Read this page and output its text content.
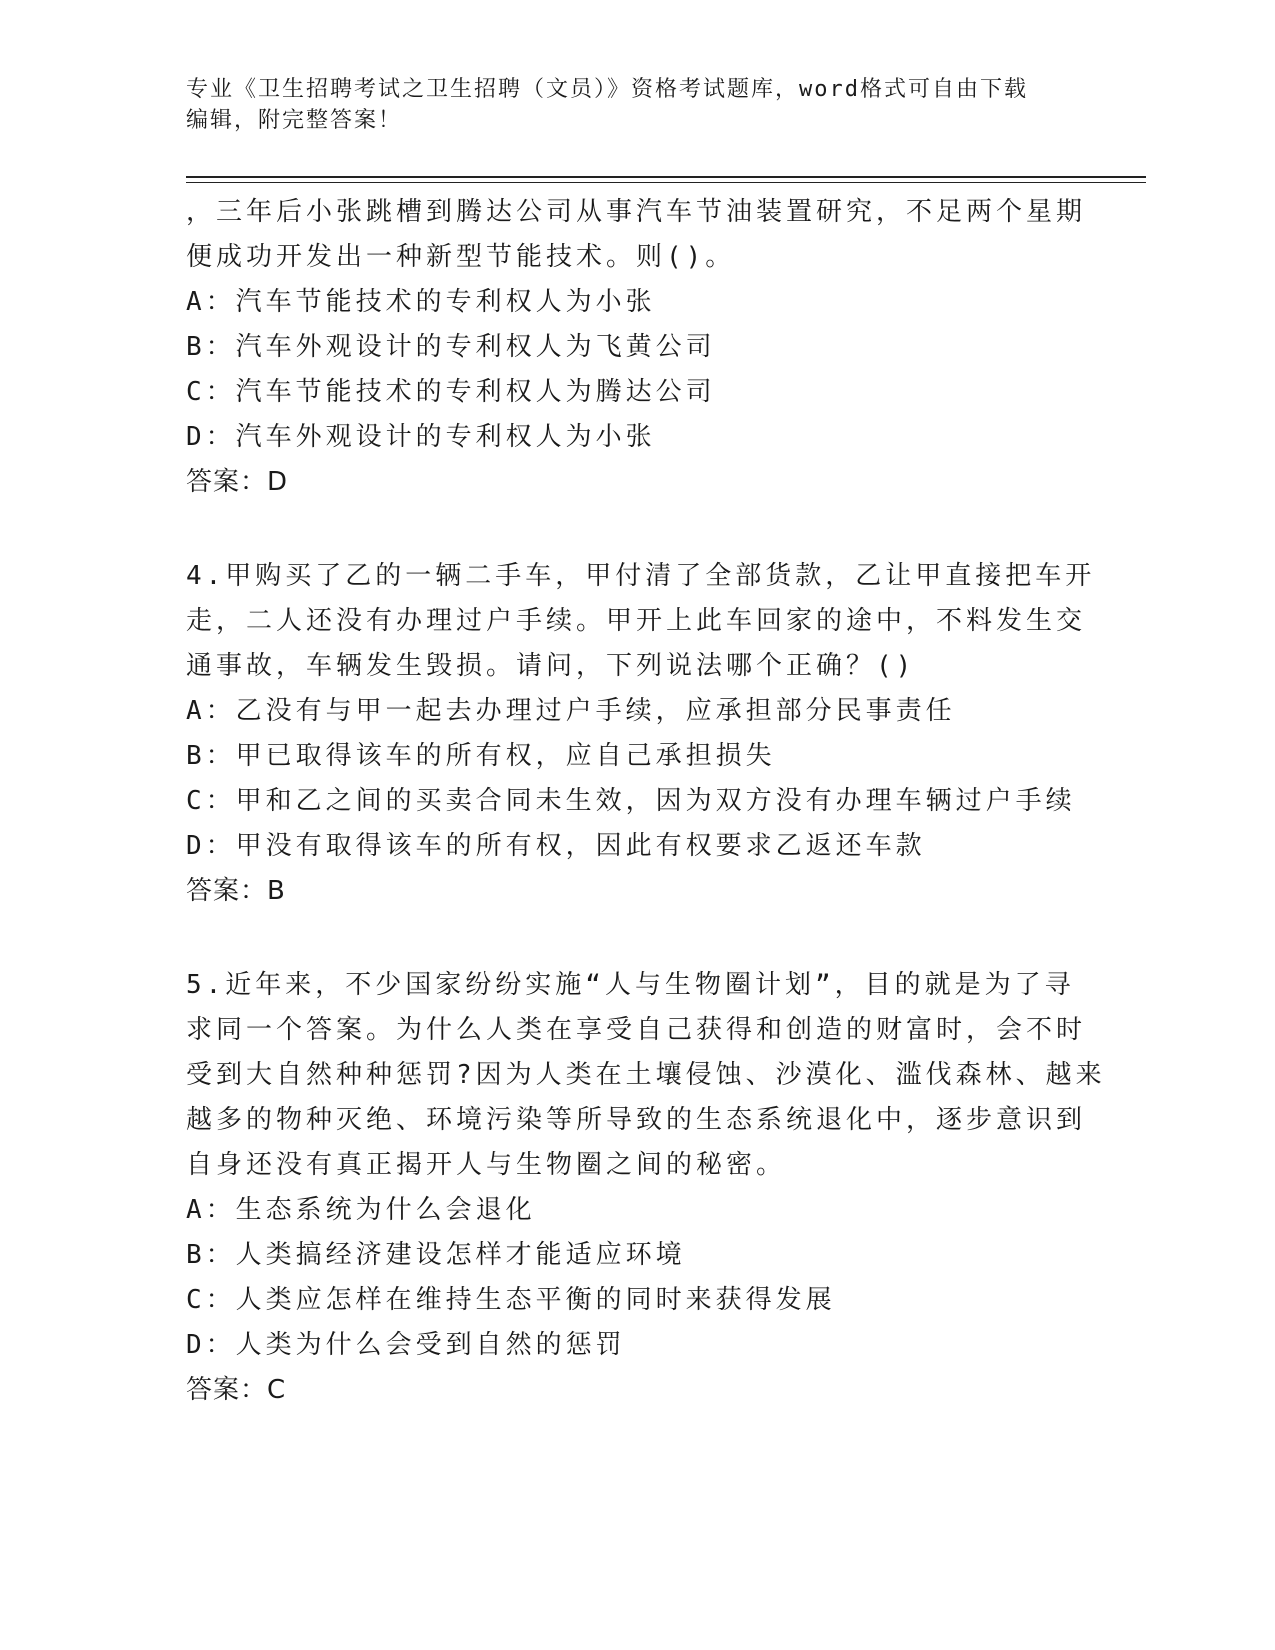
专业《卫生招聘考试之卫生招聘（文员）》资格考试题库，word格式可自由下载
编辑，附完整答案！
，三年后小张跳槽到腾达公司从事汽车节油装置研究，不足两个星期
便成功开发出一种新型节能技术。则()。
A：汽车节能技术的专利权人为小张
B：汽车外观设计的专利权人为飞黄公司
C：汽车节能技术的专利权人为腾达公司
D：汽车外观设计的专利权人为小张
答案：D
4.甲购买了乙的一辆二手车，甲付清了全部货款，乙让甲直接把车开
走，二人还没有办理过户手续。甲开上此车回家的途中，不料发生交
通事故，车辆发生毁损。请问，下列说法哪个正确？()
A：乙没有与甲一起去办理过户手续，应承担部分民事责任
B：甲已取得该车的所有权，应自己承担损失
C：甲和乙之间的买卖合同未生效，因为双方没有办理车辆过户手续
D：甲没有取得该车的所有权，因此有权要求乙返还车款
答案：B
5.近年来，不少国家纷纷实施“人与生物圈计划”，目的就是为了寻
求同一个答案。为什么人类在享受自己获得和创造的财富时，会不时
受到大自然种种惩罚?因为人类在土壤侵蚀、沙漠化、滥伐森林、越来
越多的物种灭绝、环境污染等所导致的生态系统退化中，逐步意识到
自身还没有真正揭开人与生物圈之间的秘密。
A：生态系统为什么会退化
B：人类搞经济建设怎样才能适应环境
C：人类应怎样在维持生态平衡的同时来获得发展
D：人类为什么会受到自然的惩罚
答案：C
